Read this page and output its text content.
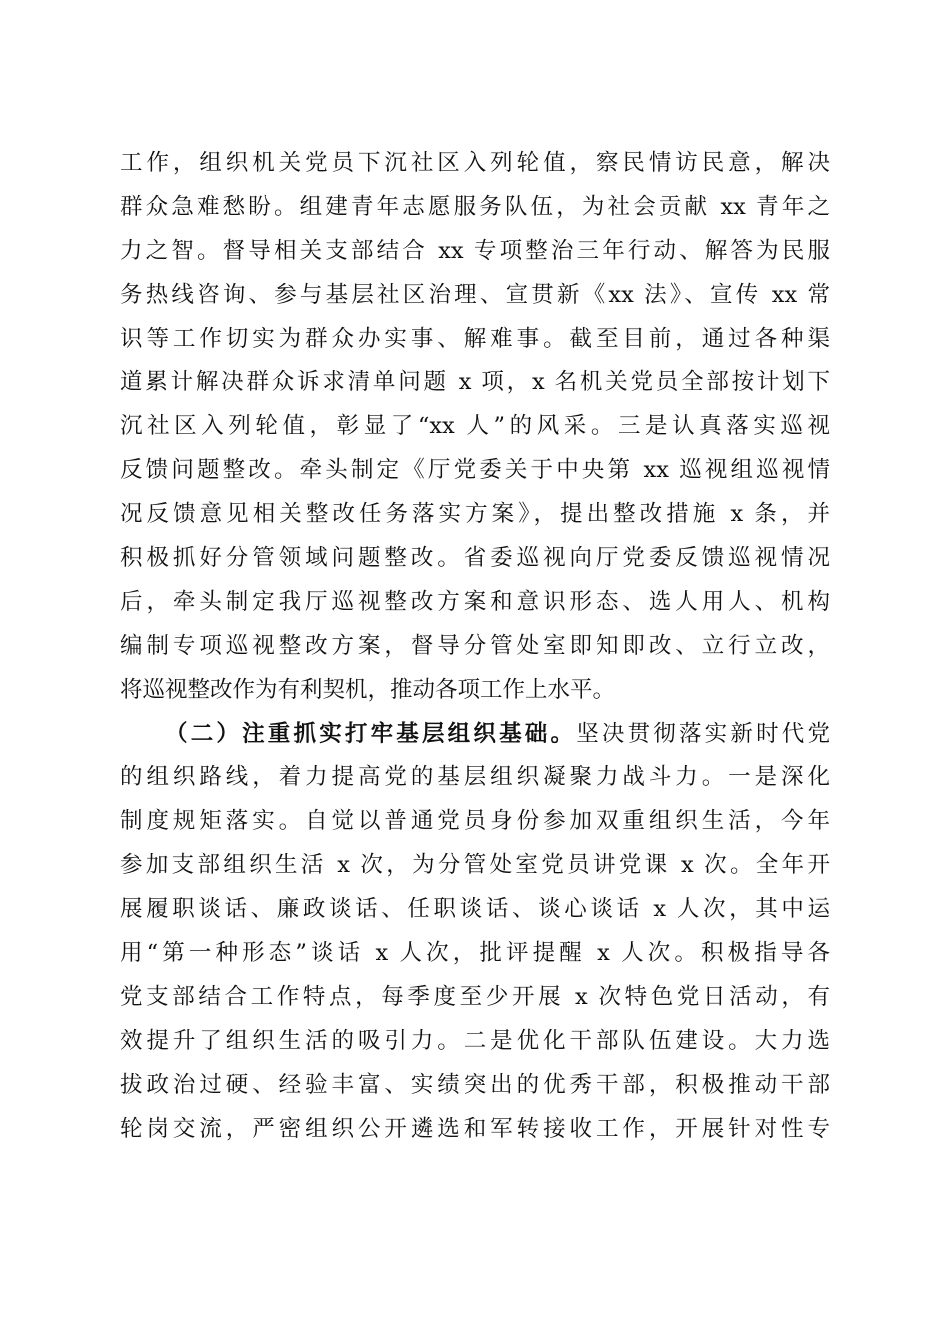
工作，组织机关党员下沉社区入列轮值，察民情访民意，解决
群众急难愁盼。组建青年志愿服务队伍，为社会贡献 xx 青年之
力之智。督导相关支部结合 xx 专项整治三年行动、解答为民服
务热线咨询、参与基层社区治理、宣贯新《xx 法》、宣传 xx 常
识等工作切实为群众办实事、解难事。截至目前，通过各种渠
道累计解决群众诉求清单问题 x 项，x 名机关党员全部按计划下
沉社区入列轮值，彰显了“xx 人”的风采。三是认真落实巡视
反馈问题整改。牵头制定《厅党委关于中央第 xx 巡视组巡视情
况反馈意见相关整改任务落实方案》，提出整改措施 x 条，并
积极抓好分管领域问题整改。省委巡视向厅党委反馈巡视情况
后，牵头制定我厅巡视整改方案和意识形态、选人用人、机构
编制专项巡视整改方案，督导分管处室即知即改、立行立改，
将巡视整改作为有利契机，推动各项工作上水平。
（二）注重抓实打牢基层组织基础。坚决贯彻落实新时代党
的组织路线，着力提高党的基层组织凝聚力战斗力。一是深化
制度规矩落实。自觉以普通党员身份参加双重组织生活，今年
参加支部组织生活 x 次，为分管处室党员讲党课 x 次。全年开
展履职谈话、廉政谈话、任职谈话、谈心谈话 x 人次，其中运
用“第一种形态”谈话 x 人次，批评提醒 x 人次。积极指导各
党支部结合工作特点，每季度至少开展 x 次特色党日活动，有
效提升了组织生活的吸引力。二是优化干部队伍建设。大力选
拔政治过硬、经验丰富、实绩突出的优秀干部，积极推动干部
轮岗交流，严密组织公开遴选和军转接收工作，开展针对性专
